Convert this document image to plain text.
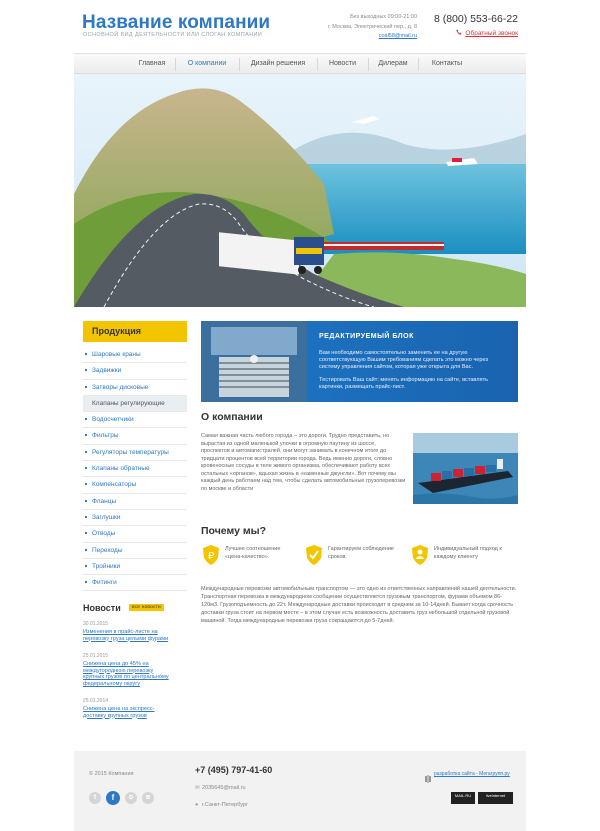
Название компании
ОСНОВНОЙ ВИД ДЕЯТЕЛЬНОСТИ ИЛИ СЛОГАН КОМПАНИИ
Без выходных 09:00-21:00
г. Москва, Электрический пер., д. 8
coal58@mail.ru
8 (800) 553-66-22
Обратный звонок
Главная	О компании	Дизайн решения	Новости	Дилерам	Контакты
Продукция
Шаровые краны
Задвижки
Затворы дисковые
Клапаны регулирующие
Водосчетчики
Фильтры
Регуляторы температуры
Клапаны обратные
Компенсаторы
Фланцы
Заглушки
Отводы
Переходы
Тройники
Фитинги
Новости	все новости
30.01.2015
Изменения в прайс-листе на перевозку груза целыми фурами
25.01.2015
Снижена цена до 45% на междугороднюю перевозку крупных грузов по центральному федеральному округу
25.01.2014
Снижена цена на экспресс-доставку крупных грузов
РЕДАКТИРУЕМЫЙ БЛОК
Вам необходимо самостоятельно заменить ее на другую соответствующую Вашим требованиям сделать это можно через систему управления сайтом, которая уже открыта для Вас.
Тестировать Ваш сайт: менять информацию на сайте, вставлять картинки, размещать прайс-лист.
О компании
Самая важная часть любого города – это дороги. Трудно представить, но вырастая из одной маленькой улочки в огромную паутину из шоссе, проспектов и автомагистралей, они могут занимать в конечном итоге до тридцати процентов всей территории города. Ведь именно дороги, словно кровеносные сосуды в теле живого организма, обеспечивают работу всех остальных «органов», вдыхая жизнь в «каменные джунгли». Вот почему мы каждый день работаем над тем, чтобы сделать автомобильные грузоперевозки по москве и области
Почему мы?
₽
Лучшее соотношение «цена-качество».
Гарантируем соблюдение сроков.
Индивидуальный подход к каждому клиенту
Международные перевозки автомобильным транспортом — это одно из ответственных направлений нашей деятельности. Транспортная перевозка в международном сообщении осуществляется грузовым транспортом, фурами объемом 86-120м3. Грузоподъемность до 22т. Международные доставки происходят в среднем за 10-14дней. Бывает когда срочность доставки груза стоит на первом месте – в этом случае есть возможность доставить груз небольшой отдельной грузовой машиной. Тогда международные перевозки груза сокращаются до 5-7дней.
© 2015 Компания
t	f	o	в
+7 (495) 797-41-60
✉ 2035645@mail.ru
● г.Санкт-Петербург
разработка сайта - Мегагрупп.ру
MAIL.RU	liveinternet
